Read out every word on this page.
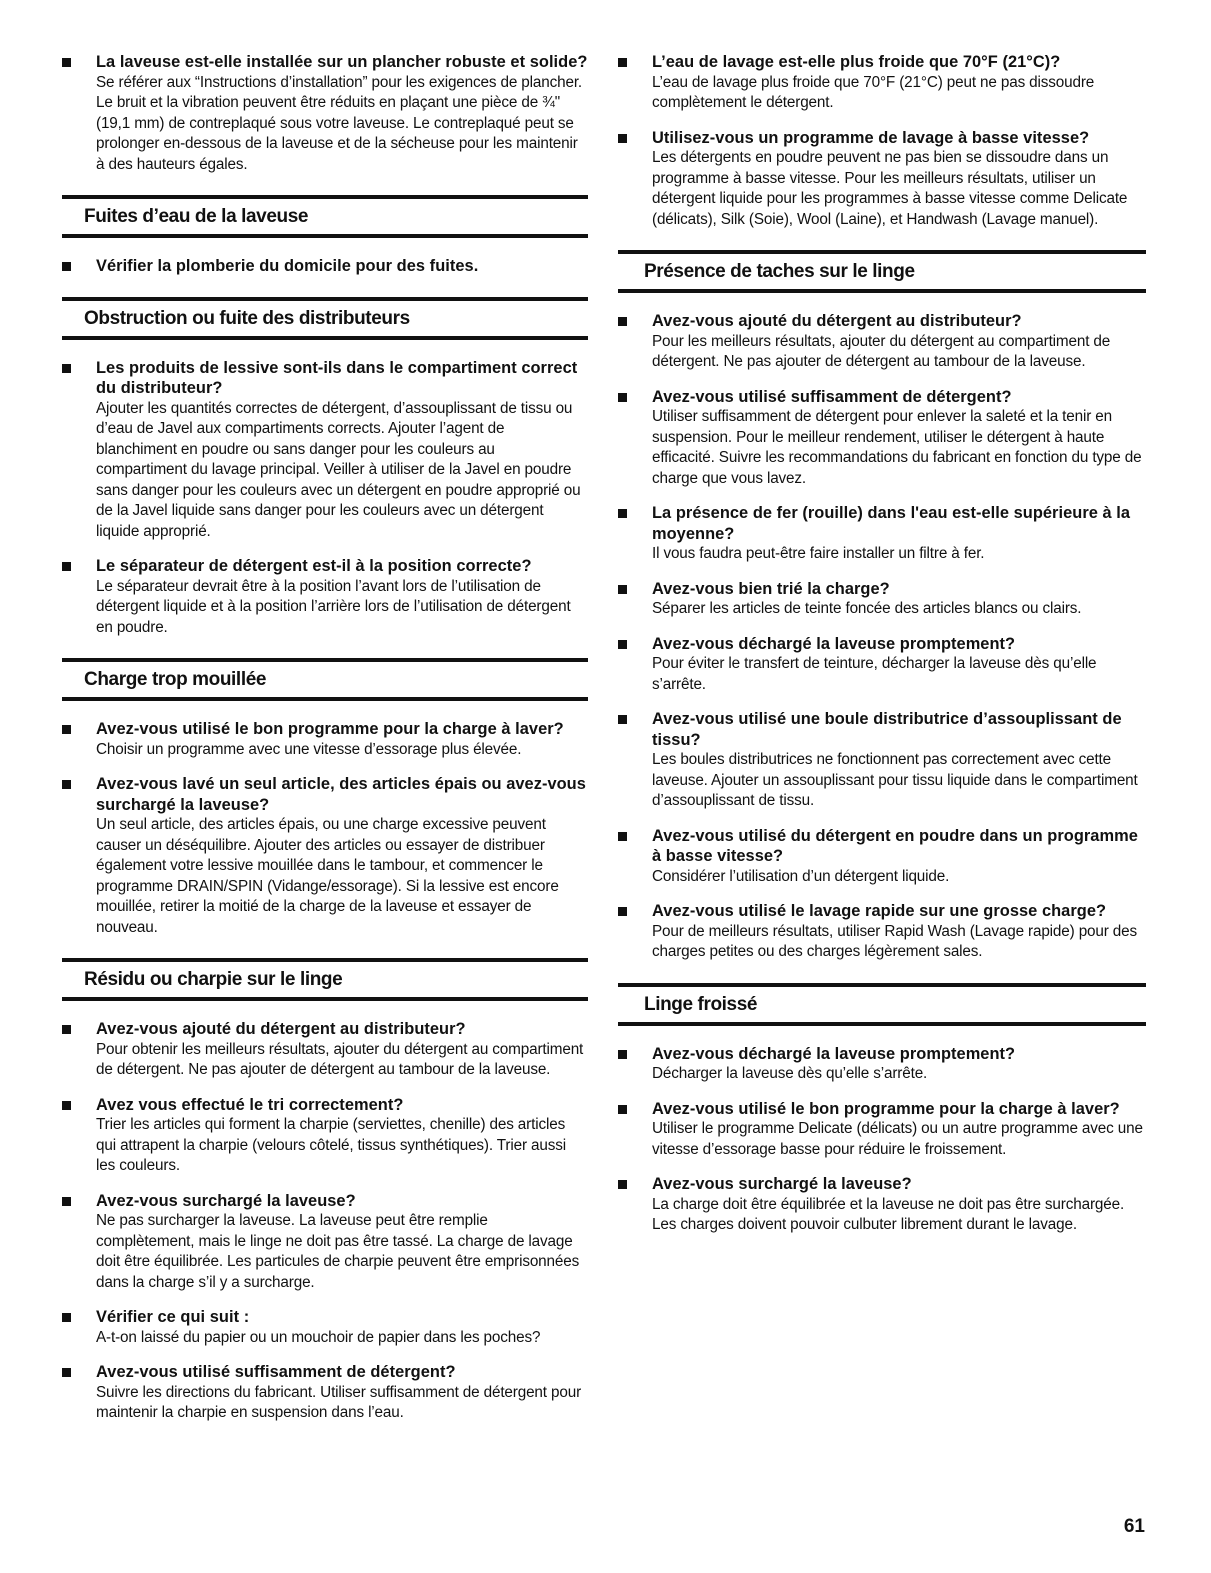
La laveuse est-elle installée sur un plancher robuste et solide?
Se référer aux “Instructions d’installation” pour les exigences de plancher. Le bruit et la vibration peuvent être réduits en plaçant une pièce de ¾" (19,1 mm) de contreplaqué sous votre laveuse. Le contreplaqué peut se prolonger en-dessous de la laveuse et de la sécheuse pour les maintenir à des hauteurs égales.
Fuites d’eau de la laveuse
Vérifier la plomberie du domicile pour des fuites.
Obstruction ou fuite des distributeurs
Les produits de lessive sont-ils dans le compartiment correct du distributeur?
Ajouter les quantités correctes de détergent, d’assouplissant de tissu ou d’eau de Javel aux compartiments corrects. Ajouter l’agent de blanchiment en poudre ou sans danger pour les couleurs au compartiment du lavage principal. Veiller à utiliser de la Javel en poudre sans danger pour les couleurs avec un détergent en poudre approprié ou de la Javel liquide sans danger pour les couleurs avec un détergent liquide approprié.
Le séparateur de détergent est-il à la position correcte?
Le séparateur devrait être à la position l’avant lors de l’utilisation de détergent liquide et à la position l’arrière lors de l’utilisation de détergent en poudre.
Charge trop mouillée
Avez-vous utilisé le bon programme pour la charge à laver?
Choisir un programme avec une vitesse d’essorage plus élevée.
Avez-vous lavé un seul article, des articles épais ou avez-vous surchargé la laveuse?
Un seul article, des articles épais, ou une charge excessive peuvent causer un déséquilibre. Ajouter des articles ou essayer de distribuer également votre lessive mouillée dans le tambour, et commencer le programme DRAIN/SPIN (Vidange/essorage). Si la lessive est encore mouillée, retirer la moitié de la charge de la laveuse et essayer de nouveau.
Résidu ou charpie sur le linge
Avez-vous ajouté du détergent au distributeur?
Pour obtenir les meilleurs résultats, ajouter du détergent au compartiment de détergent. Ne pas ajouter de détergent au tambour de la laveuse.
Avez vous effectué le tri correctement?
Trier les articles qui forment la charpie (serviettes, chenille) des articles qui attrapent la charpie (velours côtelé, tissus synthétiques). Trier aussi les couleurs.
Avez-vous surchargé la laveuse?
Ne pas surcharger la laveuse. La laveuse peut être remplie complètement, mais le linge ne doit pas être tassé. La charge de lavage doit être équilibrée. Les particules de charpie peuvent être emprisonnées dans la charge s’il y a surcharge.
Vérifier ce qui suit :
A-t-on laissé du papier ou un mouchoir de papier dans les poches?
Avez-vous utilisé suffisamment de détergent?
Suivre les directions du fabricant. Utiliser suffisamment de détergent pour maintenir la charpie en suspension dans l’eau.
L’eau de lavage est-elle plus froide que 70°F (21°C)?
L’eau de lavage plus froide que 70°F (21°C) peut ne pas dissoudre complètement le détergent.
Utilisez-vous un programme de lavage à basse vitesse?
Les détergents en poudre peuvent ne pas bien se dissoudre dans un programme à basse vitesse. Pour les meilleurs résultats, utiliser un détergent liquide pour les programmes à basse vitesse comme Delicate (délicats), Silk (Soie), Wool (Laine), et Handwash (Lavage manuel).
Présence de taches sur le linge
Avez-vous ajouté du détergent au distributeur?
Pour les meilleurs résultats, ajouter du détergent au compartiment de détergent. Ne pas ajouter de détergent au tambour de la laveuse.
Avez-vous utilisé suffisamment de détergent?
Utiliser suffisamment de détergent pour enlever la saleté et la tenir en suspension. Pour le meilleur rendement, utiliser le détergent à haute efficacité. Suivre les recommandations du fabricant en fonction du type de charge que vous lavez.
La présence de fer (rouille) dans l'eau est-elle supérieure à la moyenne?
Il vous faudra peut-être faire installer un filtre à fer.
Avez-vous bien trié la charge?
Séparer les articles de teinte foncée des articles blancs ou clairs.
Avez-vous déchargé la laveuse promptement?
Pour éviter le transfert de teinture, décharger la laveuse dès qu’elle s’arrête.
Avez-vous utilisé une boule distributrice d’assouplissant de tissu?
Les boules distributrices ne fonctionnent pas correctement avec cette laveuse. Ajouter un assouplissant pour tissu liquide dans le compartiment d’assouplissant de tissu.
Avez-vous utilisé du détergent en poudre dans un programme à basse vitesse?
Considérer l’utilisation d’un détergent liquide.
Avez-vous utilisé le lavage rapide sur une grosse charge?
Pour de meilleurs résultats, utiliser Rapid Wash (Lavage rapide) pour des charges petites ou des charges légèrement sales.
Linge froissé
Avez-vous déchargé la laveuse promptement?
Décharger la laveuse dès qu’elle s’arrête.
Avez-vous utilisé le bon programme pour la charge à laver?
Utiliser le programme Delicate (délicats) ou un autre programme avec une vitesse d’essorage basse pour réduire le froissement.
Avez-vous surchargé la laveuse?
La charge doit être équilibrée et la laveuse ne doit pas être surchargée. Les charges doivent pouvoir culbuter librement durant le lavage.
61
